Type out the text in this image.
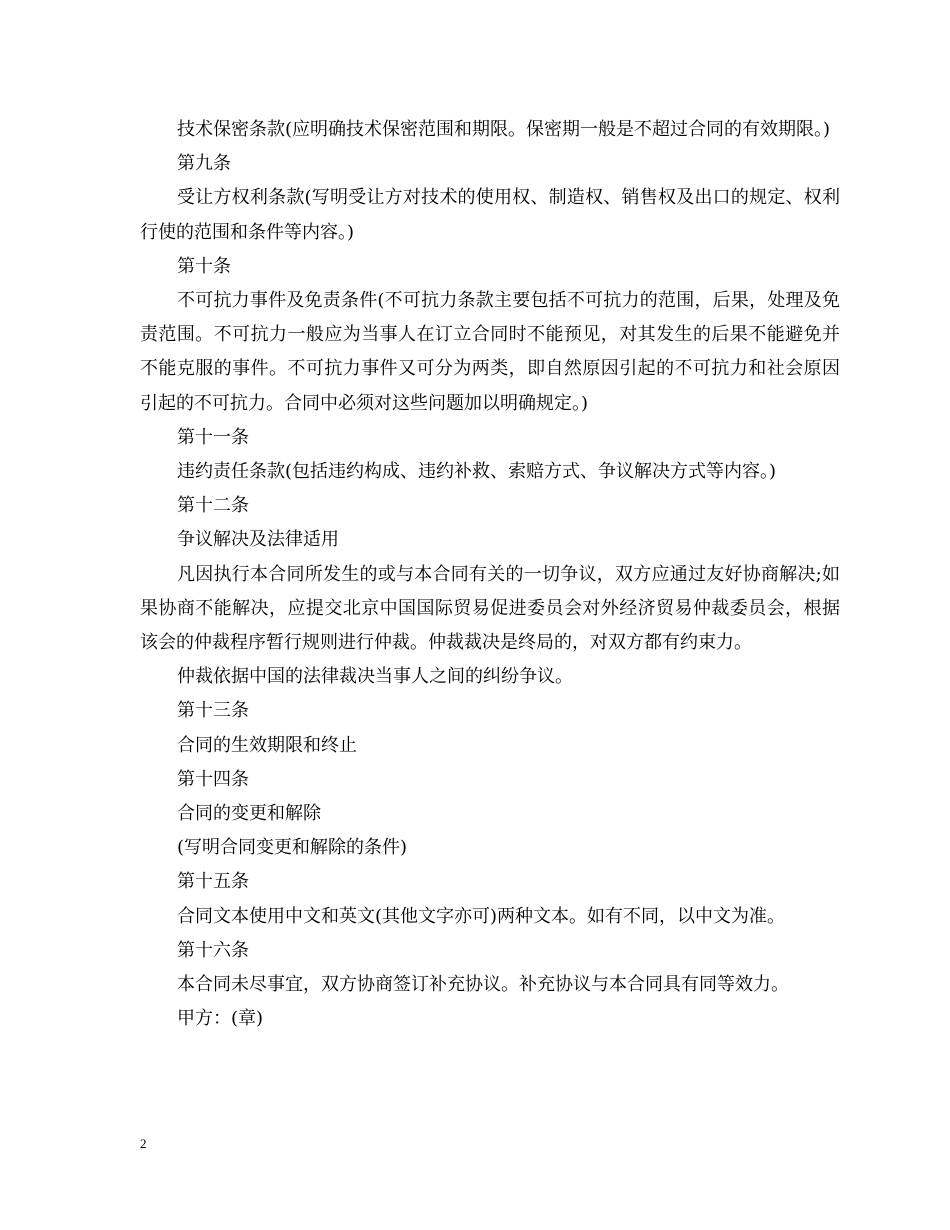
技术保密条款(应明确技术保密范围和期限。保密期一般是不超过合同的有效期限。)

第九条

受让方权利条款(写明受让方对技术的使用权、制造权、销售权及出口的规定、权利行使的范围和条件等内容。)

第十条

不可抗力事件及免责条件(不可抗力条款主要包括不可抗力的范围，后果，处理及免责范围。不可抗力一般应为当事人在订立合同时不能预见，对其发生的后果不能避免并不能克服的事件。不可抗力事件又可分为两类，即自然原因引起的不可抗力和社会原因引起的不可抗力。合同中必须对这些问题加以明确规定。)

第十一条

违约责任条款(包括违约构成、违约补救、索赔方式、争议解决方式等内容。)

第十二条

争议解决及法律适用

凡因执行本合同所发生的或与本合同有关的一切争议，双方应通过友好协商解决;如果协商不能解决，应提交北京中国国际贸易促进委员会对外经济贸易仲裁委员会，根据该会的仲裁程序暂行规则进行仲裁。仲裁裁决是终局的，对双方都有约束力。

仲裁依据中国的法律裁决当事人之间的纠纷争议。

第十三条

合同的生效期限和终止

第十四条

合同的变更和解除

(写明合同变更和解除的条件)

第十五条

合同文本使用中文和英文(其他文字亦可)两种文本。如有不同，以中文为准。

第十六条

本合同未尽事宜，双方协商签订补充协议。补充协议与本合同具有同等效力。

甲方：(章)

2
